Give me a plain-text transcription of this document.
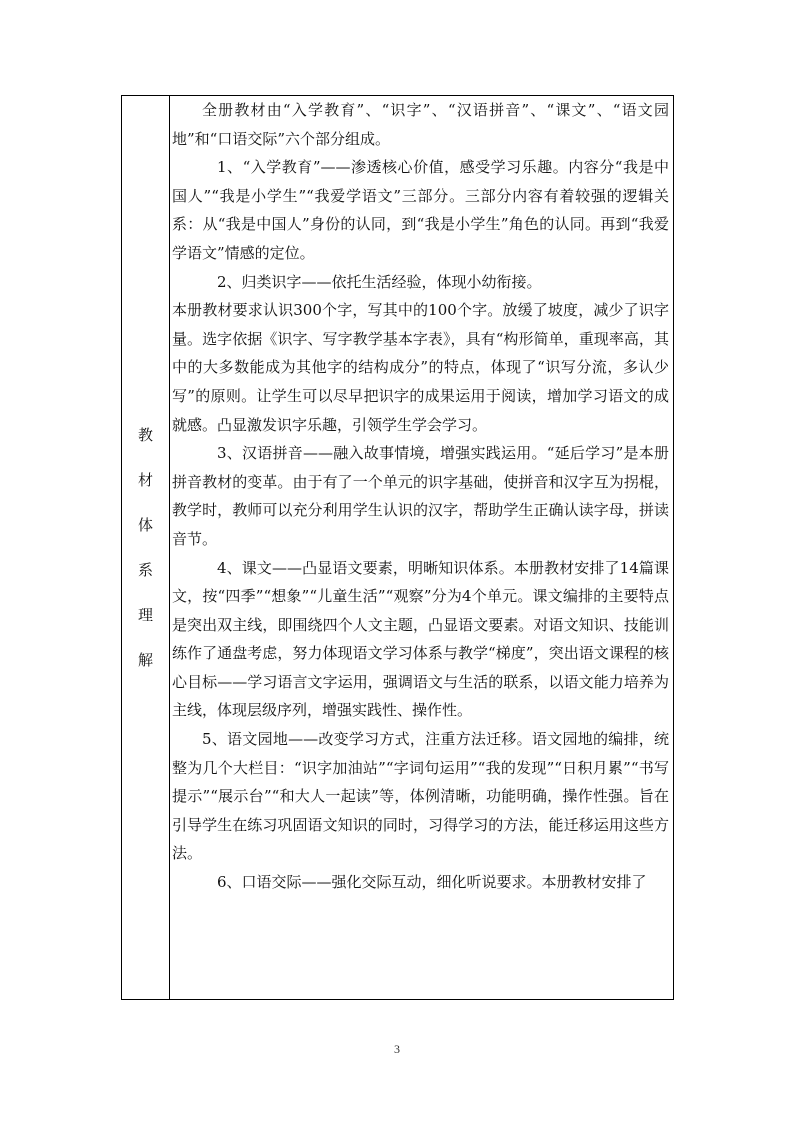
教
材
体
系
理
解

全册教材由“入学教育”、“识字”、“汉语拼音”、“课文”、“语文园地”和“口语交际”六个部分组成。

1、“入学教育”——渗透核心价值，感受学习乐趣。内容分“我是中国人”“我是小学生”“我爱学语文”三部分。三部分内容有着较强的逻辑关系：从“我是中国人”身份的认同，到“我是小学生”角色的认同。再到“我爱学语文”情感的定位。

2、归类识字——依托生活经验，体现小幼衔接。

本册教材要求认识300个字，写其中的100个字。放缓了坡度，减少了识字量。选字依据《识字、写字教学基本字表》，具有“构形简单，重现率高，其中的大多数能成为其他字的结构成分”的特点，体现了“识写分流，多认少写”的原则。让学生可以尽早把识字的成果运用于阅读，增加学习语文的成就感。凸显激发识字乐趣，引领学生学会学习。

3、汉语拼音——融入故事情境，增强实践运用。“延后学习”是本册拼音教材的变革。由于有了一个单元的识字基础，使拼音和汉字互为拐棍，教学时，教师可以充分利用学生认识的汉字，帮助学生正确认读字母，拼读音节。

4、课文——凸显语文要素，明晰知识体系。本册教材安排了14篇课文，按“四季”“想象”“儿童生活”“观察”分为4个单元。课文编排的主要特点是突出双主线，即围绕四个人文主题，凸显语文要素。对语文知识、技能训练作了通盘考虑，努力体现语文学习体系与教学“梯度”，突出语文课程的核心目标——学习语言文字运用，强调语文与生活的联系，以语文能力培养为主线，体现层级序列，增强实践性、操作性。

5、语文园地——改变学习方式，注重方法迁移。语文园地的编排，统整为几个大栏目：“识字加油站”“字词句运用”“我的发现”“日积月累”“书写提示”“展示台”“和大人一起读”等，体例清晰，功能明确，操作性强。旨在引导学生在练习巩固语文知识的同时，习得学习的方法，能迁移运用这些方法。

6、口语交际——强化交际互动，细化听说要求。本册教材安排了

3
